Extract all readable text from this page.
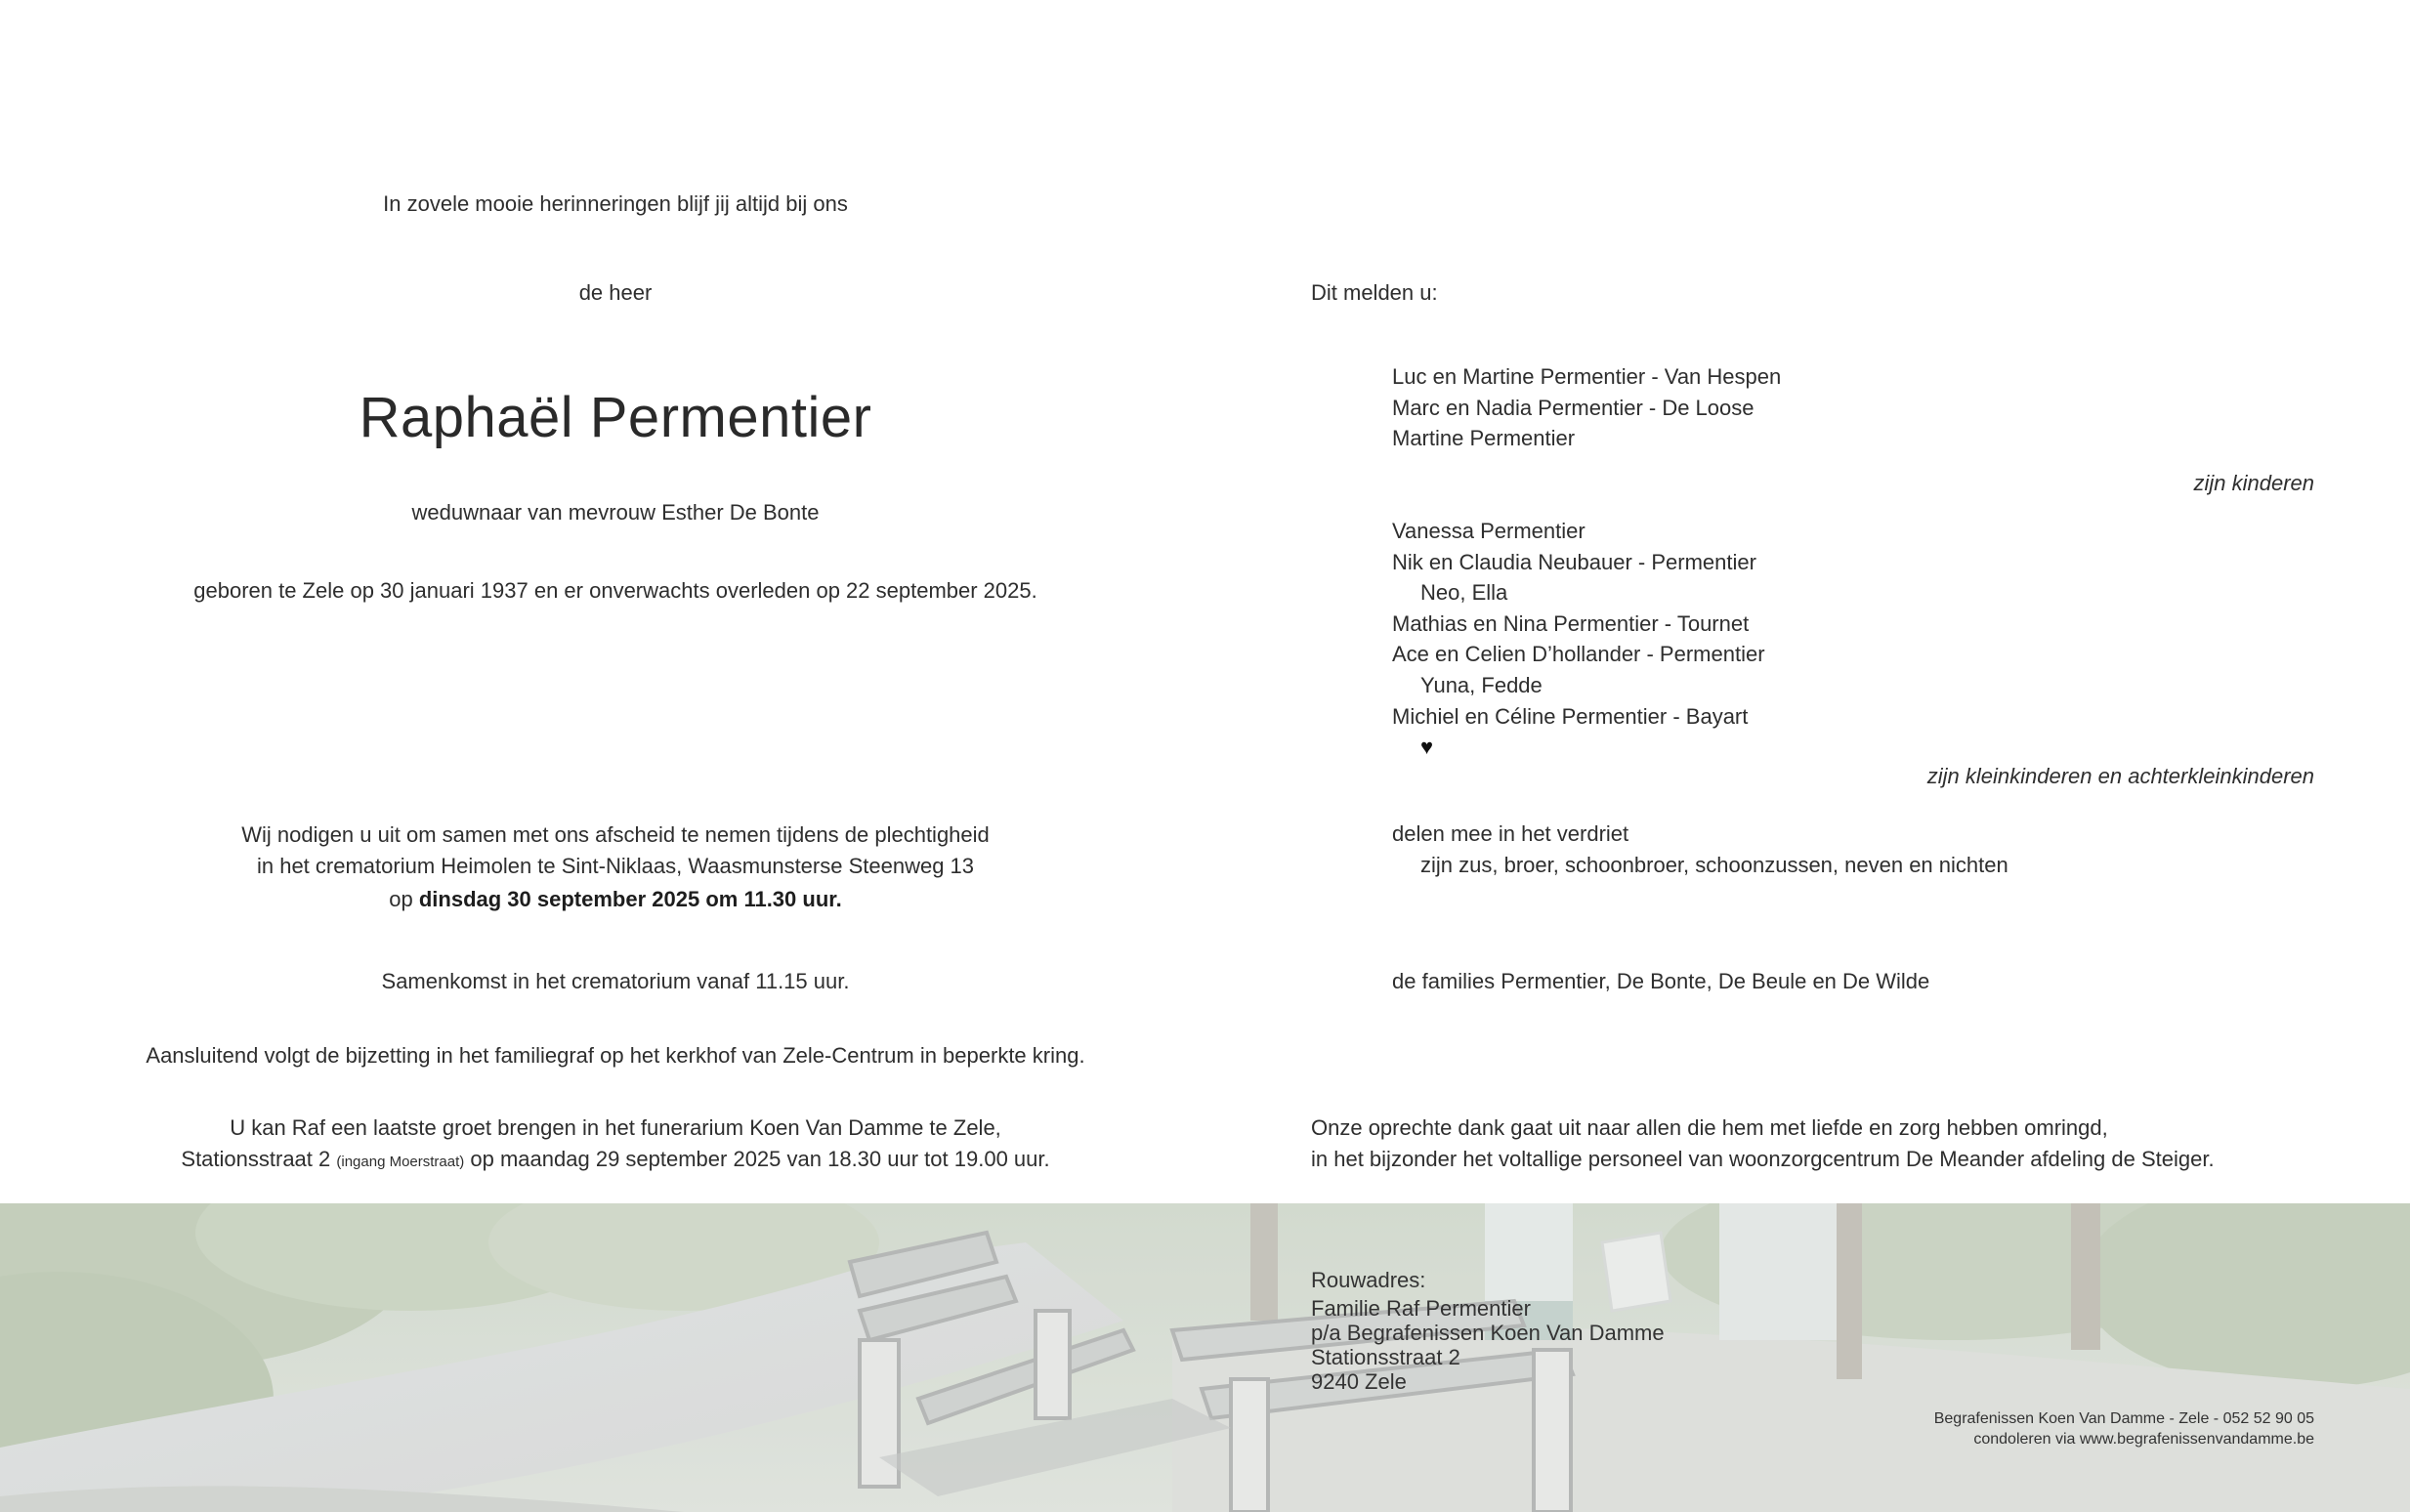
In zovele mooie herinneringen blijf jij altijd bij ons
de heer
Raphaël Permentier
weduwnaar van mevrouw Esther De Bonte
geboren te Zele op 30 januari 1937 en er onverwachts overleden op 22 september 2025.
Wij nodigen u uit om samen met ons afscheid te nemen tijdens de plechtigheid
in het crematorium Heimolen te Sint-Niklaas, Waasmunsterse Steenweg 13
op dinsdag 30 september 2025 om 11.30 uur.
Samenkomst in het crematorium vanaf 11.15 uur.
Aansluitend volgt de bijzetting in het familiegraf op het kerkhof van Zele-Centrum in beperkte kring.
U kan Raf een laatste groet brengen in het funerarium Koen Van Damme te Zele,
Stationsstraat 2 (ingang Moerstraat) op maandag 29 september 2025 van 18.30 uur tot 19.00 uur.
Dit melden u:
Luc en Martine Permentier - Van Hespen
Marc en Nadia Permentier - De Loose
Martine Permentier
zijn kinderen
Vanessa Permentier
Nik en Claudia Neubauer - Permentier
Neo, Ella
Mathias en Nina Permentier - Tournet
Ace en Celien D’hollander - Permentier
Yuna, Fedde
Michiel en Céline Permentier - Bayart
♥
zijn kleinkinderen en achterkleinkinderen
delen mee in het verdriet
zijn zus, broer, schoonbroer, schoonzussen, neven en nichten
de families Permentier, De Bonte, De Beule en De Wilde
Onze oprechte dank gaat uit naar allen die hem met liefde en zorg hebben omringd,
in het bijzonder het voltallige personeel van woonzorgcentrum De Meander afdeling de Steiger.
Rouwadres:
Familie Raf Permentier
p/a Begrafenissen Koen Van Damme
Stationsstraat 2
9240 Zele
Begrafenissen Koen Van Damme - Zele - 052 52 90 05
condoleren via www.begrafenissenvandamme.be
